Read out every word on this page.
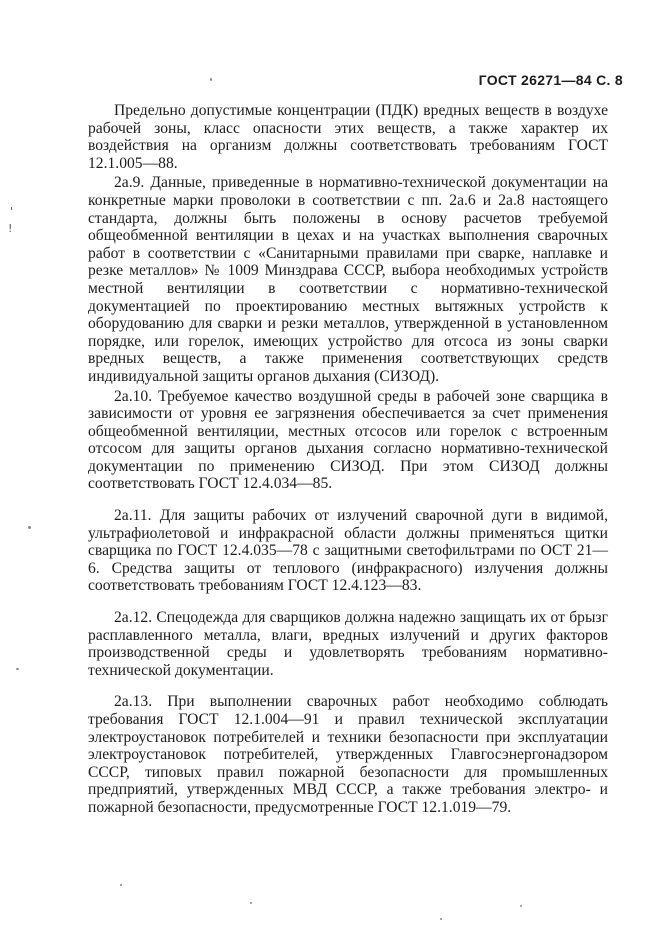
ГОСТ 26271—84 С. 8

Предельно допустимые концентрации (ПДК) вредных веществ в воздухе рабочей зоны, класс опасности этих веществ, а также характер их воздействия на организм должны соответствовать требованиям ГОСТ 12.1.005—88.

2а.9. Данные, приведенные в нормативно-технической документации на конкретные марки проволоки в соответствии с пп. 2а.6 и 2а.8 настоящего стандарта, должны быть положены в основу расчетов требуемой общеобменной вентиляции в цехах и на участках выполнения сварочных работ в соответствии с «Санитарными правилами при сварке, наплавке и резке металлов» № 1009 Минздрава СССР, выбора необходимых устройств местной вентиляции в соответствии с нормативно-технической документацией по проектированию местных вытяжных устройств к оборудованию для сварки и резки металлов, утвержденной в установленном порядке, или горелок, имеющих устройство для отсоса из зоны сварки вредных веществ, а также применения соответствующих средств индивидуальной защиты органов дыхания (СИЗОД).

2а.10. Требуемое качество воздушной среды в рабочей зоне сварщика в зависимости от уровня ее загрязнения обеспечивается за счет применения общеобменной вентиляции, местных отсосов или горелок с встроенным отсосом для защиты органов дыхания согласно нормативно-технической документации по применению СИЗОД. При этом СИЗОД должны соответствовать ГОСТ 12.4.034—85.

2а.11. Для защиты рабочих от излучений сварочной дуги в видимой, ультрафиолетовой и инфракрасной области должны применяться щитки сварщика по ГОСТ 12.4.035—78 с защитными светофильтрами по ОСТ 21—6. Средства защиты от теплового (инфракрасного) излучения должны соответствовать требованиям ГОСТ 12.4.123—83.

2а.12. Спецодежда для сварщиков должна надежно защищать их от брызг расплавленного металла, влаги, вредных излучений и других факторов производственной среды и удовлетворять требованиям нормативно-технической документации.

2а.13. При выполнении сварочных работ необходимо соблюдать требования ГОСТ 12.1.004—91 и правил технической эксплуатации электроустановок потребителей и техники безопасности при эксплуатации электроустановок потребителей, утвержденных Главгосэнергонадзором СССР, типовых правил пожарной безопасности для промышленных предприятий, утвержденных МВД СССР, а также требования электро- и пожарной безопасности, предусмотренные ГОСТ 12.1.019—79.

'
!
